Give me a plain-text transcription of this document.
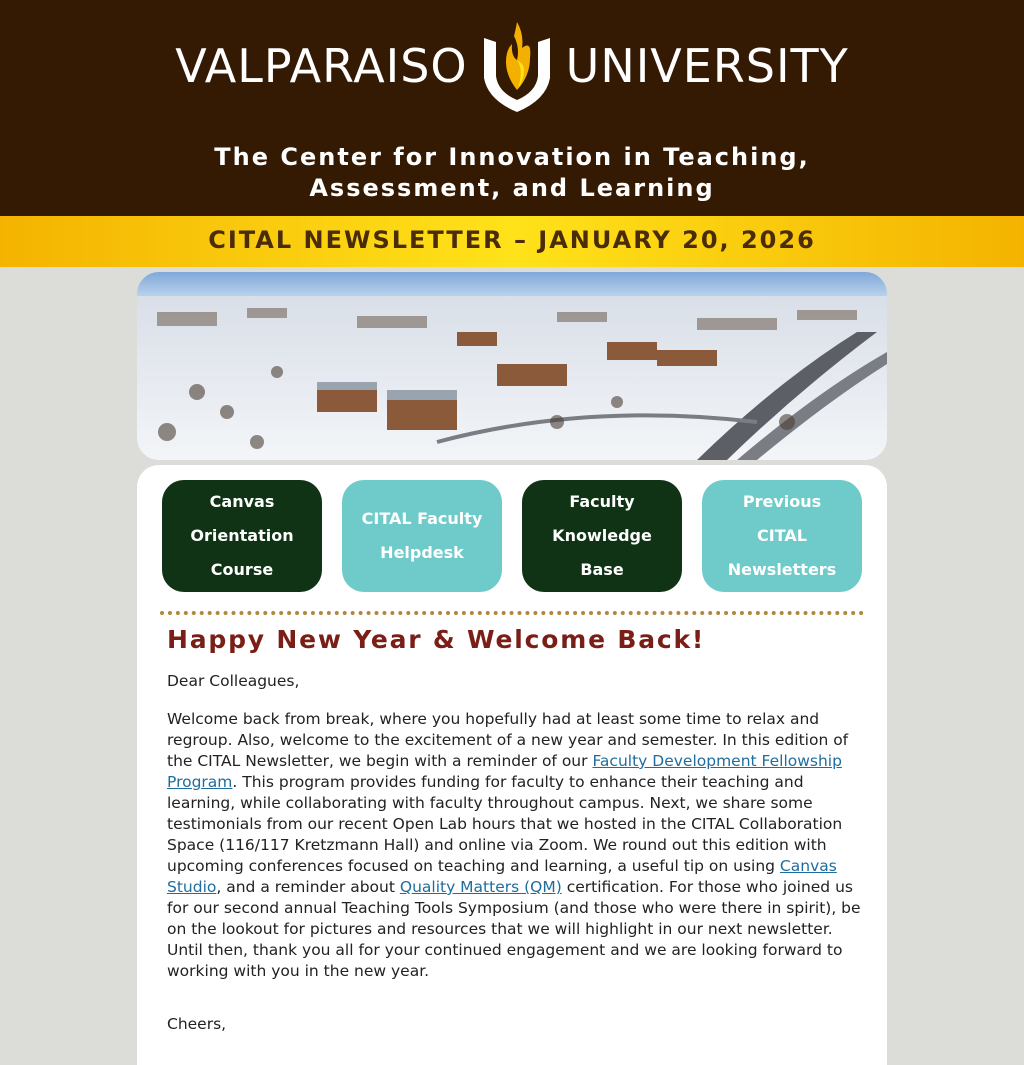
VALPARAISO UNIVERSITY
The Center for Innovation in Teaching,
Assessment, and Learning
CITAL NEWSLETTER – JANUARY 20, 2026
Canvas Orientation Course
CITAL Faculty Helpdesk
Faculty Knowledge Base
Previous CITAL Newsletters
Happy New Year & Welcome Back!
Dear Colleagues,
Welcome back from break, where you hopefully had at least some time to relax and regroup. Also, welcome to the excitement of a new year and semester. In this edition of the CITAL Newsletter, we begin with a reminder of our Faculty Development Fellowship Program. This program provides funding for faculty to enhance their teaching and learning, while collaborating with faculty throughout campus. Next, we share some testimonials from our recent Open Lab hours that we hosted in the CITAL Collaboration Space (116/117 Kretzmann Hall) and online via Zoom. We round out this edition with upcoming conferences focused on teaching and learning, a useful tip on using Canvas Studio, and a reminder about Quality Matters (QM) certification. For those who joined us for our second annual Teaching Tools Symposium (and those who were there in spirit), be on the lookout for pictures and resources that we will highlight in our next newsletter. Until then, thank you all for your continued engagement and we are looking forward to working with you in the new year.
Cheers,
